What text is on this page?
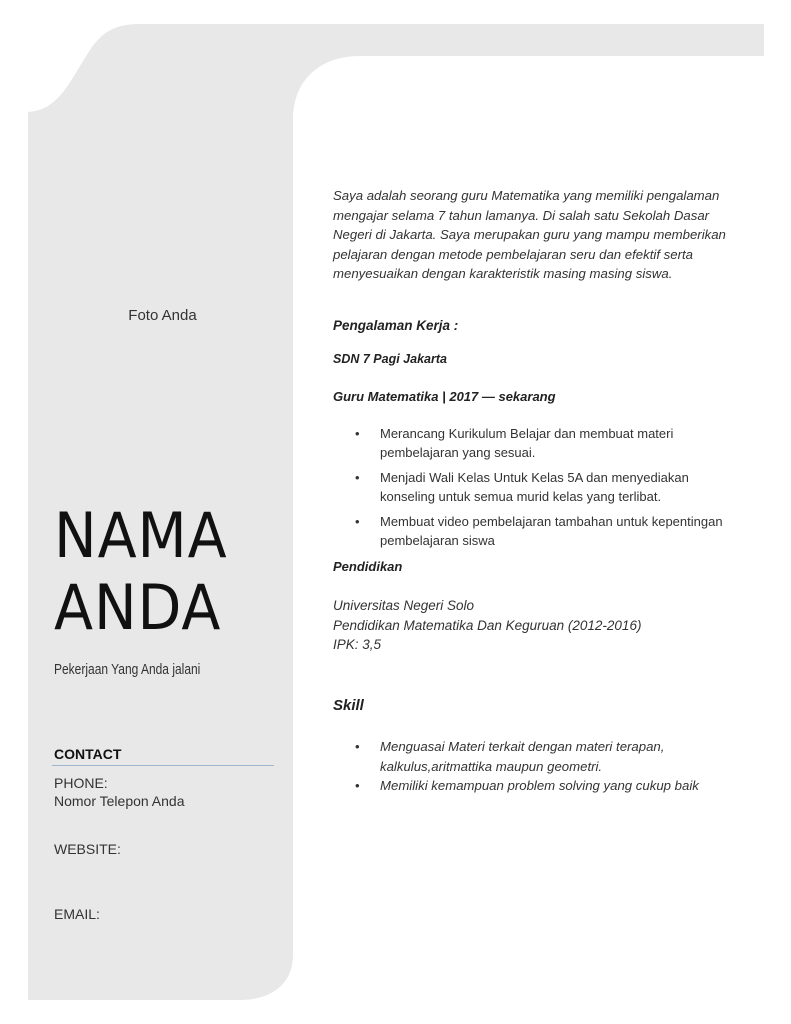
Foto Anda
NAMA
ANDA
Pekerjaan Yang Anda jalani
CONTACT
PHONE:
Nomor Telepon Anda
WEBSITE:
EMAIL:

Saya adalah seorang guru Matematika yang memiliki pengalaman mengajar selama 7 tahun lamanya. Di salah satu Sekolah Dasar Negeri di Jakarta. Saya merupakan guru yang mampu memberikan pelajaran dengan metode pembelajaran seru dan efektif serta menyesuaikan dengan karakteristik masing masing siswa.

Pengalaman Kerja :

SDN 7 Pagi Jakarta

Guru Matematika | 2017 — sekarang

• Merancang Kurikulum Belajar dan membuat materi pembelajaran yang sesuai.
• Menjadi Wali Kelas Untuk Kelas 5A dan menyediakan konseling untuk semua murid kelas yang terlibat.
• Membuat video pembelajaran tambahan untuk kepentingan pembelajaran siswa

Pendidikan

Universitas Negeri Solo
Pendidikan Matematika Dan Keguruan (2012-2016)
IPK: 3,5

Skill

• Menguasai Materi terkait dengan materi terapan, kalkulus,aritmattika maupun geometri.
• Memiliki kemampuan problem solving yang cukup baik
